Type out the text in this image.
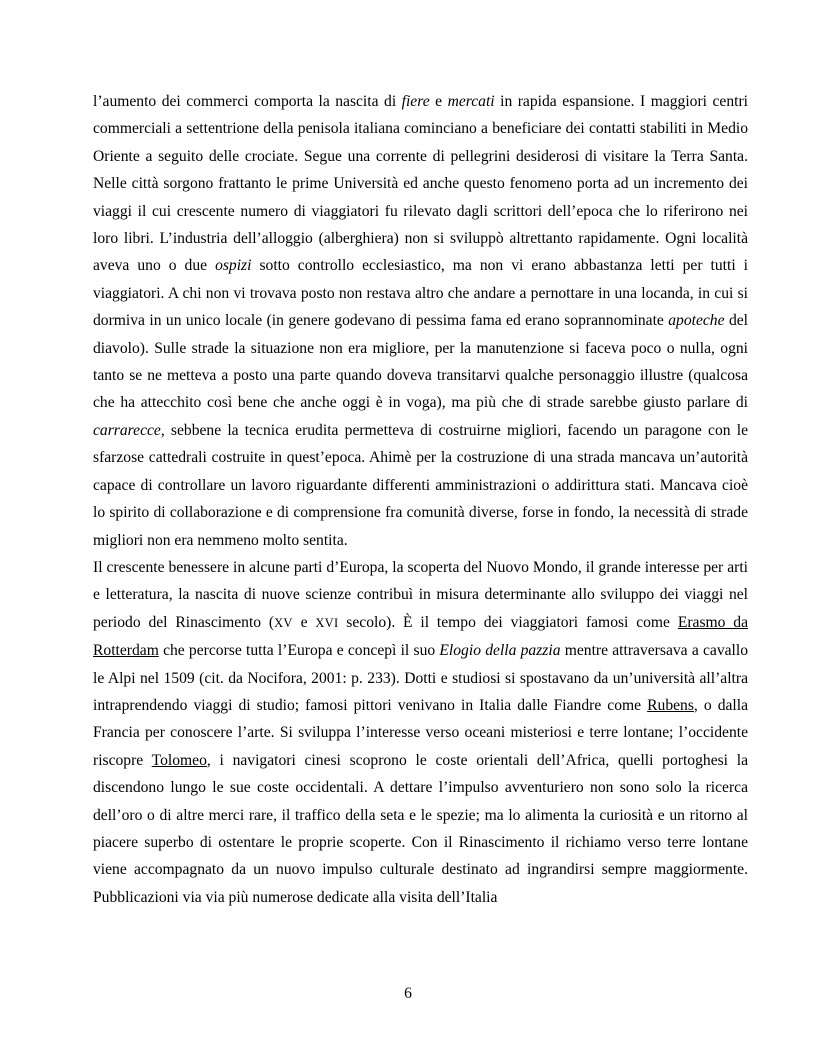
l’aumento dei commerci comporta la nascita di fiere e mercati in rapida espansione. I maggiori centri commerciali a settentrione della penisola italiana cominciano a beneficiare dei contatti stabiliti in Medio Oriente a seguito delle crociate. Segue una corrente di pellegrini desiderosi di visitare la Terra Santa. Nelle città sorgono frattanto le prime Università ed anche questo fenomeno porta ad un incremento dei viaggi il cui crescente numero di viaggiatori fu rilevato dagli scrittori dell’epoca che lo riferirono nei loro libri. L’industria dell’alloggio (alberghiera) non si sviluppò altrettanto rapidamente. Ogni località aveva uno o due ospizi sotto controllo ecclesiastico, ma non vi erano abbastanza letti per tutti i viaggiatori. A chi non vi trovava posto non restava altro che andare a pernottare in una locanda, in cui si dormiva in un unico locale (in genere godevano di pessima fama ed erano soprannominate apoteche del diavolo). Sulle strade la situazione non era migliore, per la manutenzione si faceva poco o nulla, ogni tanto se ne metteva a posto una parte quando doveva transitarvi qualche personaggio illustre (qualcosa che ha attecchito così bene che anche oggi è in voga), ma più che di strade sarebbe giusto parlare di carrarecce, sebbene la tecnica erudita permetteva di costruirne migliori, facendo un paragone con le sfarzose cattedrali costruite in quest’epoca. Ahimè per la costruzione di una strada mancava un’autorità capace di controllare un lavoro riguardante differenti amministrazioni o addirittura stati. Mancava cioè lo spirito di collaborazione e di comprensione fra comunità diverse, forse in fondo, la necessità di strade migliori non era nemmeno molto sentita.

Il crescente benessere in alcune parti d’Europa, la scoperta del Nuovo Mondo, il grande interesse per arti e letteratura, la nascita di nuove scienze contribuì in misura determinante allo sviluppo dei viaggi nel periodo del Rinascimento (XV e XVI secolo). È il tempo dei viaggiatori famosi come Erasmo da Rotterdam che percorse tutta l’Europa e concepì il suo Elogio della pazzia mentre attraversava a cavallo le Alpi nel 1509 (cit. da Nocifora, 2001: p. 233). Dotti e studiosi si spostavano da un’università all’altra intraprendendo viaggi di studio; famosi pittori venivano in Italia dalle Fiandre come Rubens, o dalla Francia per conoscere l’arte. Si sviluppa l’interesse verso oceani misteriosi e terre lontane; l’occidente riscopre Tolomeo, i navigatori cinesi scoprono le coste orientali dell’Africa, quelli portoghesi la discendono lungo le sue coste occidentali. A dettare l’impulso avventuriero non sono solo la ricerca dell’oro o di altre merci rare, il traffico della seta e le spezie; ma lo alimenta la curiosità e un ritorno al piacere superbo di ostentare le proprie scoperte. Con il Rinascimento il richiamo verso terre lontane viene accompagnato da un nuovo impulso culturale destinato ad ingrandirsi sempre maggiormente. Pubblicazioni via via più numerose dedicate alla visita dell’Italia

6
